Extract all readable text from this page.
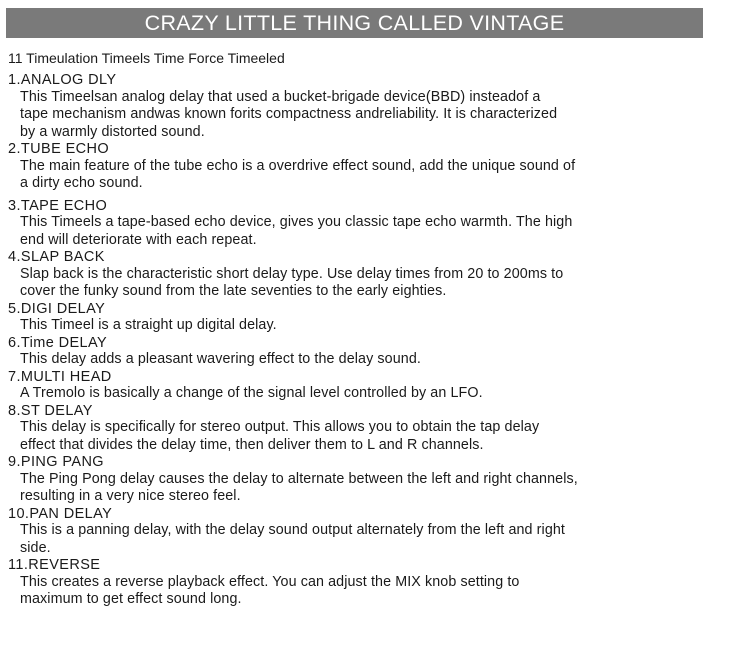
CRAZY LITTLE THING CALLED VINTAGE
11 Timeulation Timeels Time Force Timeeled
1.ANALOG DLY
This Timeelsan analog delay that used a bucket-brigade device(BBD) insteadof a
tape mechanism andwas known forits compactness andreliability. It is characterized
by a warmly distorted sound.
2.TUBE ECHO
The main feature of the tube echo is a overdrive effect sound, add the unique sound of
a dirty echo sound.
3.TAPE ECHO
This Timeels a tape-based echo device, gives you classic tape echo warmth. The high
end will deteriorate with each repeat.
4.SLAP BACK
Slap back is the characteristic short delay type. Use delay times from 20 to 200ms to
cover the funky sound from the late seventies to the early eighties.
5.DIGI DELAY
This Timeel is a straight up digital delay.
6.Time DELAY
This delay adds a pleasant wavering effect to the delay sound.
7.MULTI HEAD
A Tremolo is basically a change of the signal level controlled by an LFO.
8.ST DELAY
This delay is specifically for stereo output. This allows you to obtain the tap delay
effect that divides the delay time, then deliver them to L and R channels.
9.PING PANG
The Ping Pong delay causes the delay to alternate between the left and right channels,
resulting in a very nice stereo feel.
10.PAN DELAY
This is a panning delay, with the delay sound output alternately from the left and right
side.
11.REVERSE
This creates a reverse playback effect. You can adjust the MIX knob setting to
maximum to get effect sound long.
